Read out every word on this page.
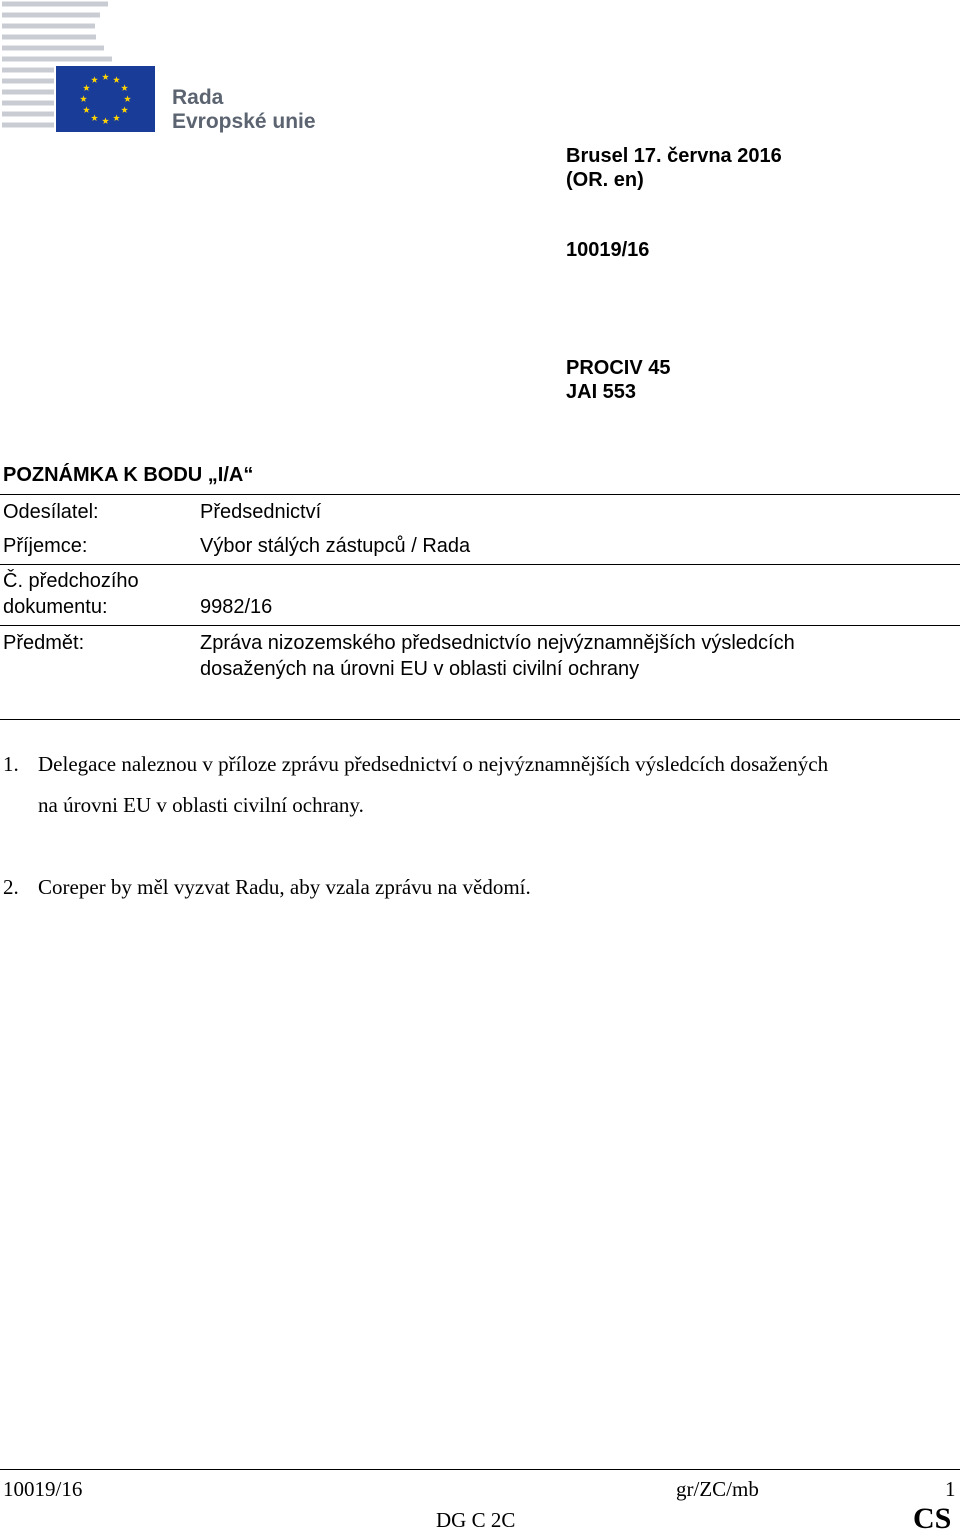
Rada
Evropské unie
Brusel 17. června 2016
(OR. en)
10019/16
PROCIV 45
JAI 553
POZNÁMKA K BODU „I/A“
Odesílatel:	Předsednictví
Příjemce:	Výbor stálých zástupců / Rada
Č. předchozího
dokumentu:	9982/16
Předmět:	Zpráva nizozemského předsednictvío nejvýznamnějších výsledcích
dosažených na úrovni EU v oblasti civilní ochrany
1. Delegace naleznou v příloze zprávu předsednictví o nejvýznamnějších výsledcích dosažených
na úrovni EU v oblasti civilní ochrany.
2. Coreper by měl vyzvat Radu, aby vzala zprávu na vědomí.
10019/16	gr/ZC/mb	1
DG C 2C	CS
